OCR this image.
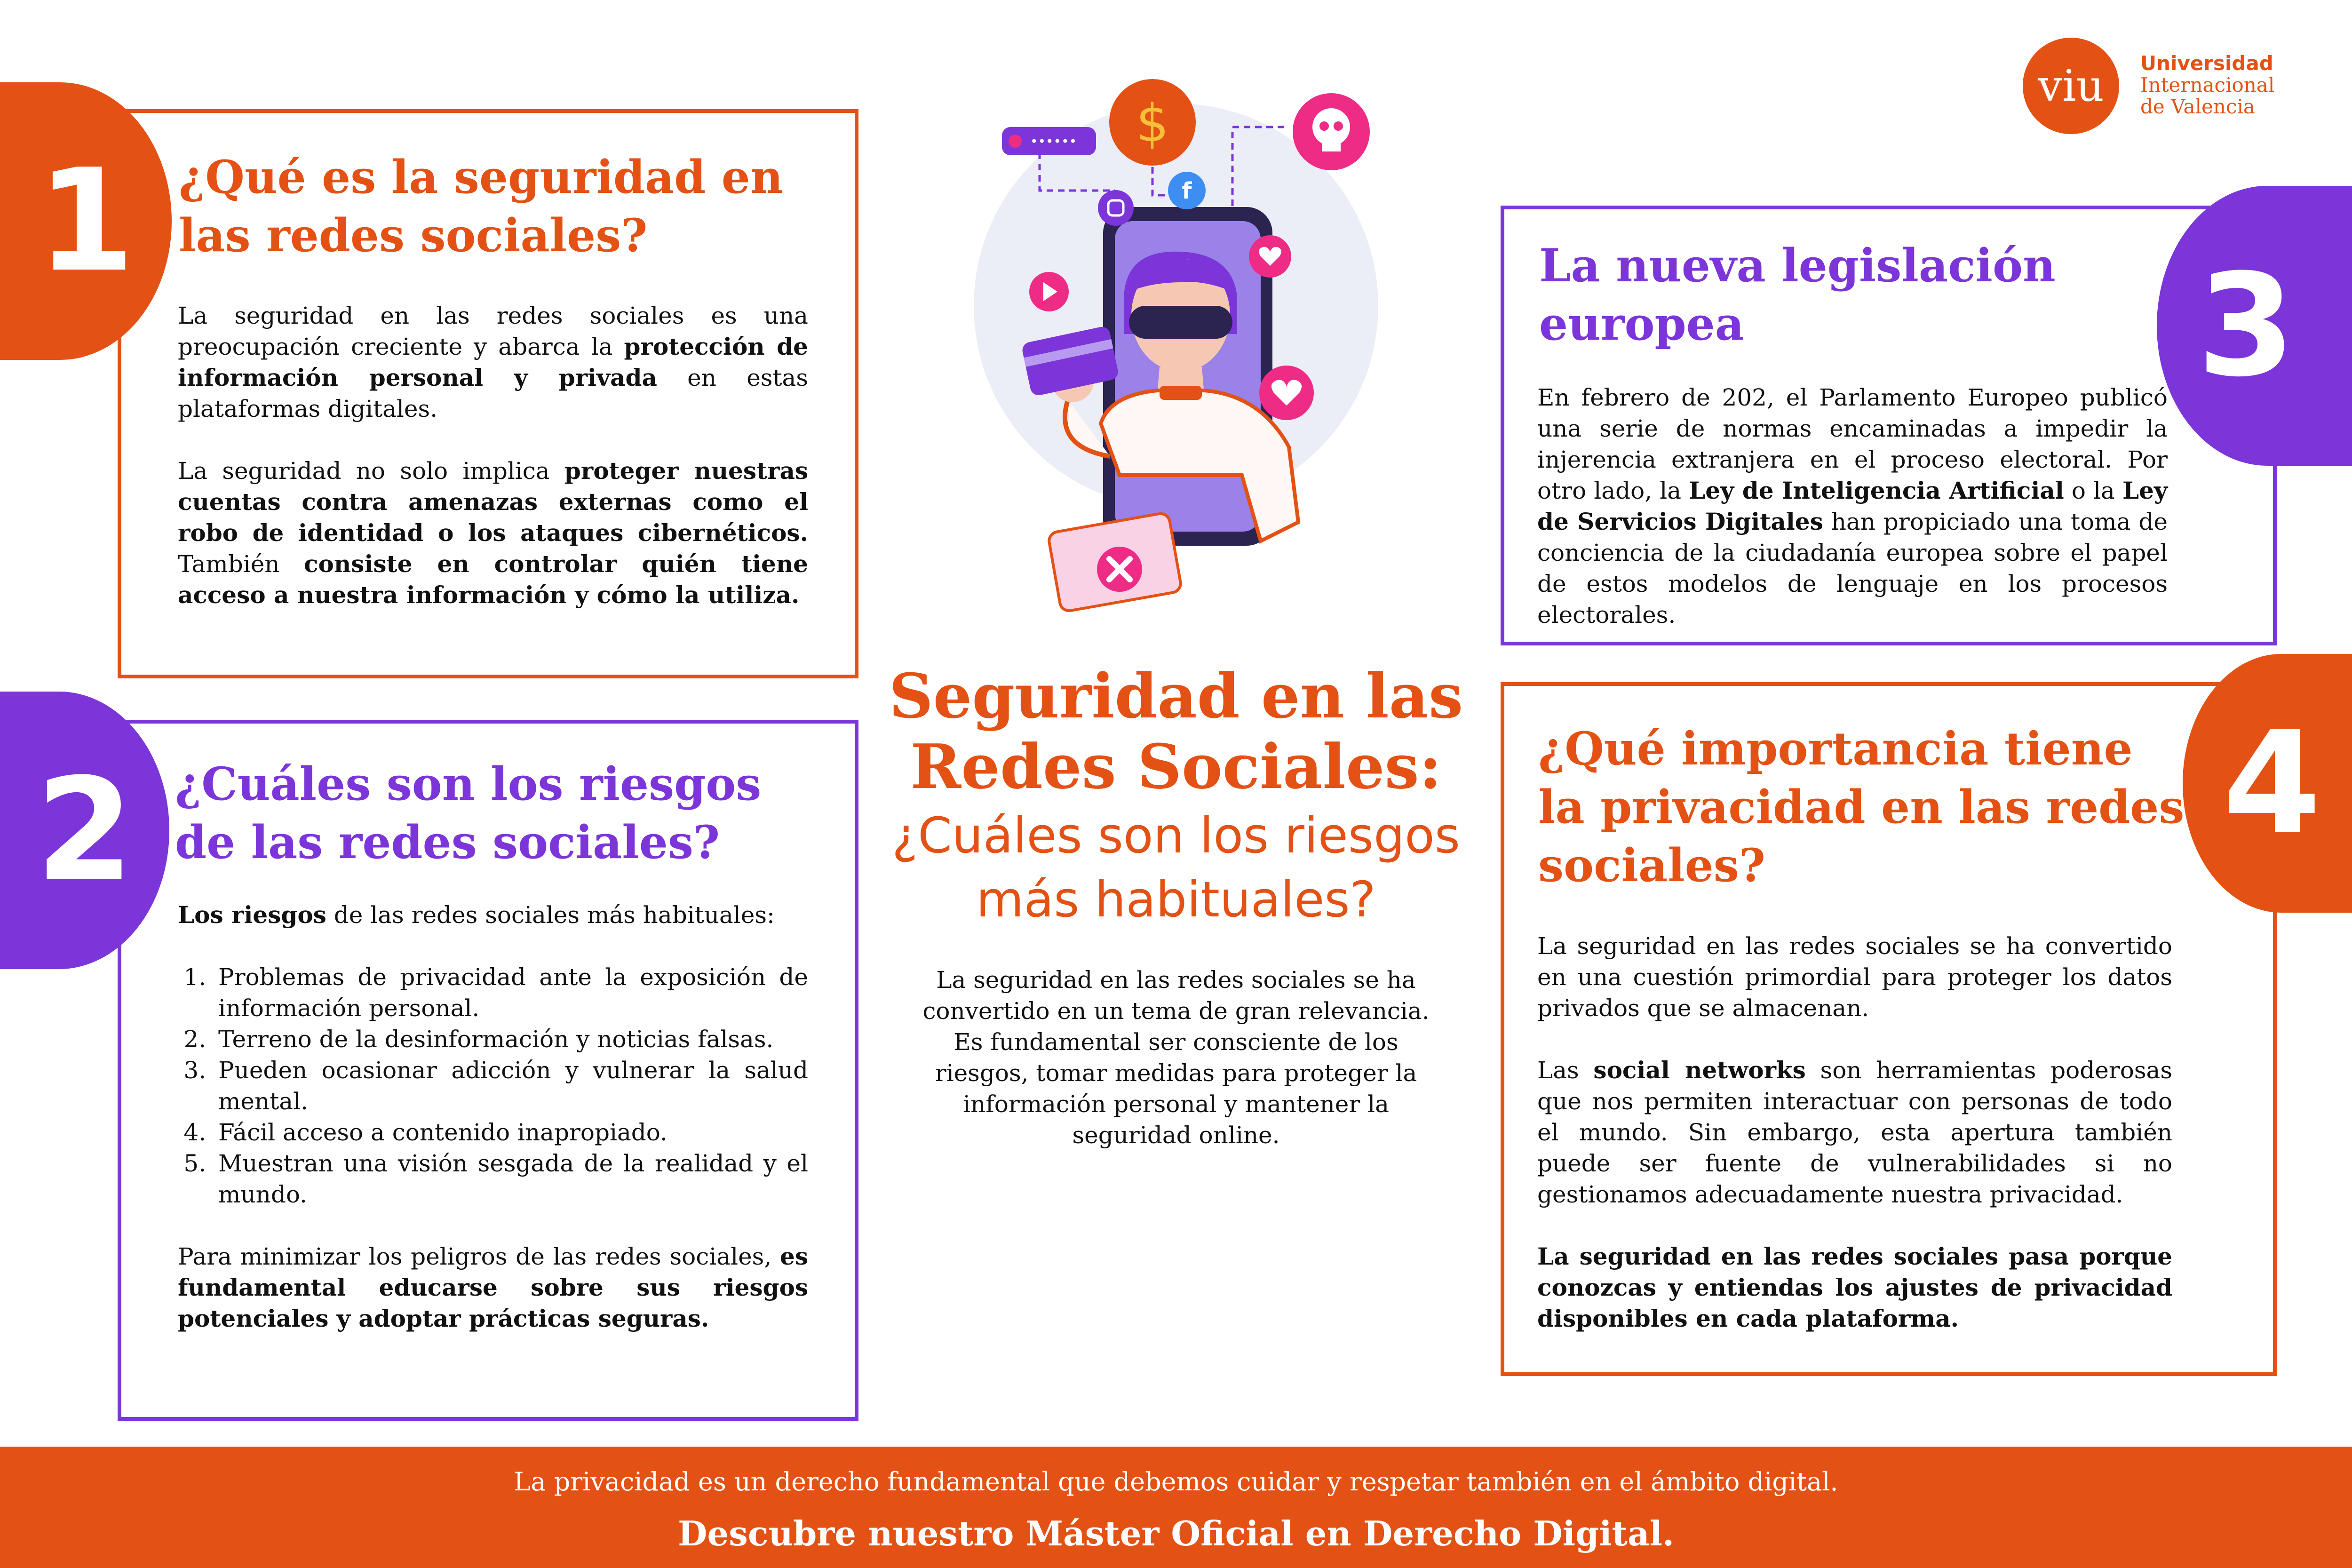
viu	Universidad
Internacional
de Valencia
1 ¿Qué es la seguridad en las redes sociales?

La seguridad en las redes sociales es una preocupación creciente y abarca la protección de información personal y privada en estas plataformas digitales.

La seguridad no solo implica proteger nuestras cuentas contra amenazas externas como el robo de identidad o los ataques cibernéticos. También consiste en controlar quién tiene acceso a nuestra información y cómo la utiliza.

2 ¿Cuáles son los riesgos de las redes sociales?

Los riesgos de las redes sociales más habituales:

1. Problemas de privacidad ante la exposición de información personal.
2. Terreno de la desinformación y noticias falsas.
3. Pueden ocasionar adicción y vulnerar la salud mental.
4. Fácil acceso a contenido inapropiado.
5. Muestran una visión sesgada de la realidad y el mundo.

Para minimizar los peligros de las redes sociales, es fundamental educarse sobre sus riesgos potenciales y adoptar prácticas seguras.

3
La nueva legislación europea

En febrero de 202, el Parlamento Europeo publicó una serie de normas encaminadas a impedir la injerencia extranjera en el proceso electoral. Por otro lado, la Ley de Inteligencia Artificial o la Ley de Servicios Digitales han propiciado una toma de conciencia de la ciudadanía europea sobre el papel de estos modelos de lenguaje en los procesos electorales.

4
¿Qué importancia tiene la privacidad en las redes sociales?

La seguridad en las redes sociales se ha convertido en una cuestión primordial para proteger los datos privados que se almacenan.

Las social networks son herramientas poderosas que nos permiten interactuar con personas de todo el mundo. Sin embargo, esta apertura también puede ser fuente de vulnerabilidades si no gestionamos adecuadamente nuestra privacidad.

La seguridad en las redes sociales pasa porque conozcas y entiendas los ajustes de privacidad disponibles en cada plataforma.

•••••• $
f
Seguridad en las
Redes Sociales:
¿Cuáles son los riesgos
más habituales?

La seguridad en las redes sociales se ha convertido en un tema de gran relevancia. Es fundamental ser consciente de los riesgos, tomar medidas para proteger la información personal y mantener la seguridad online.

La privacidad es un derecho fundamental que debemos cuidar y respetar también en el ámbito digital.
Descubre nuestro Máster Oficial en Derecho Digital.
